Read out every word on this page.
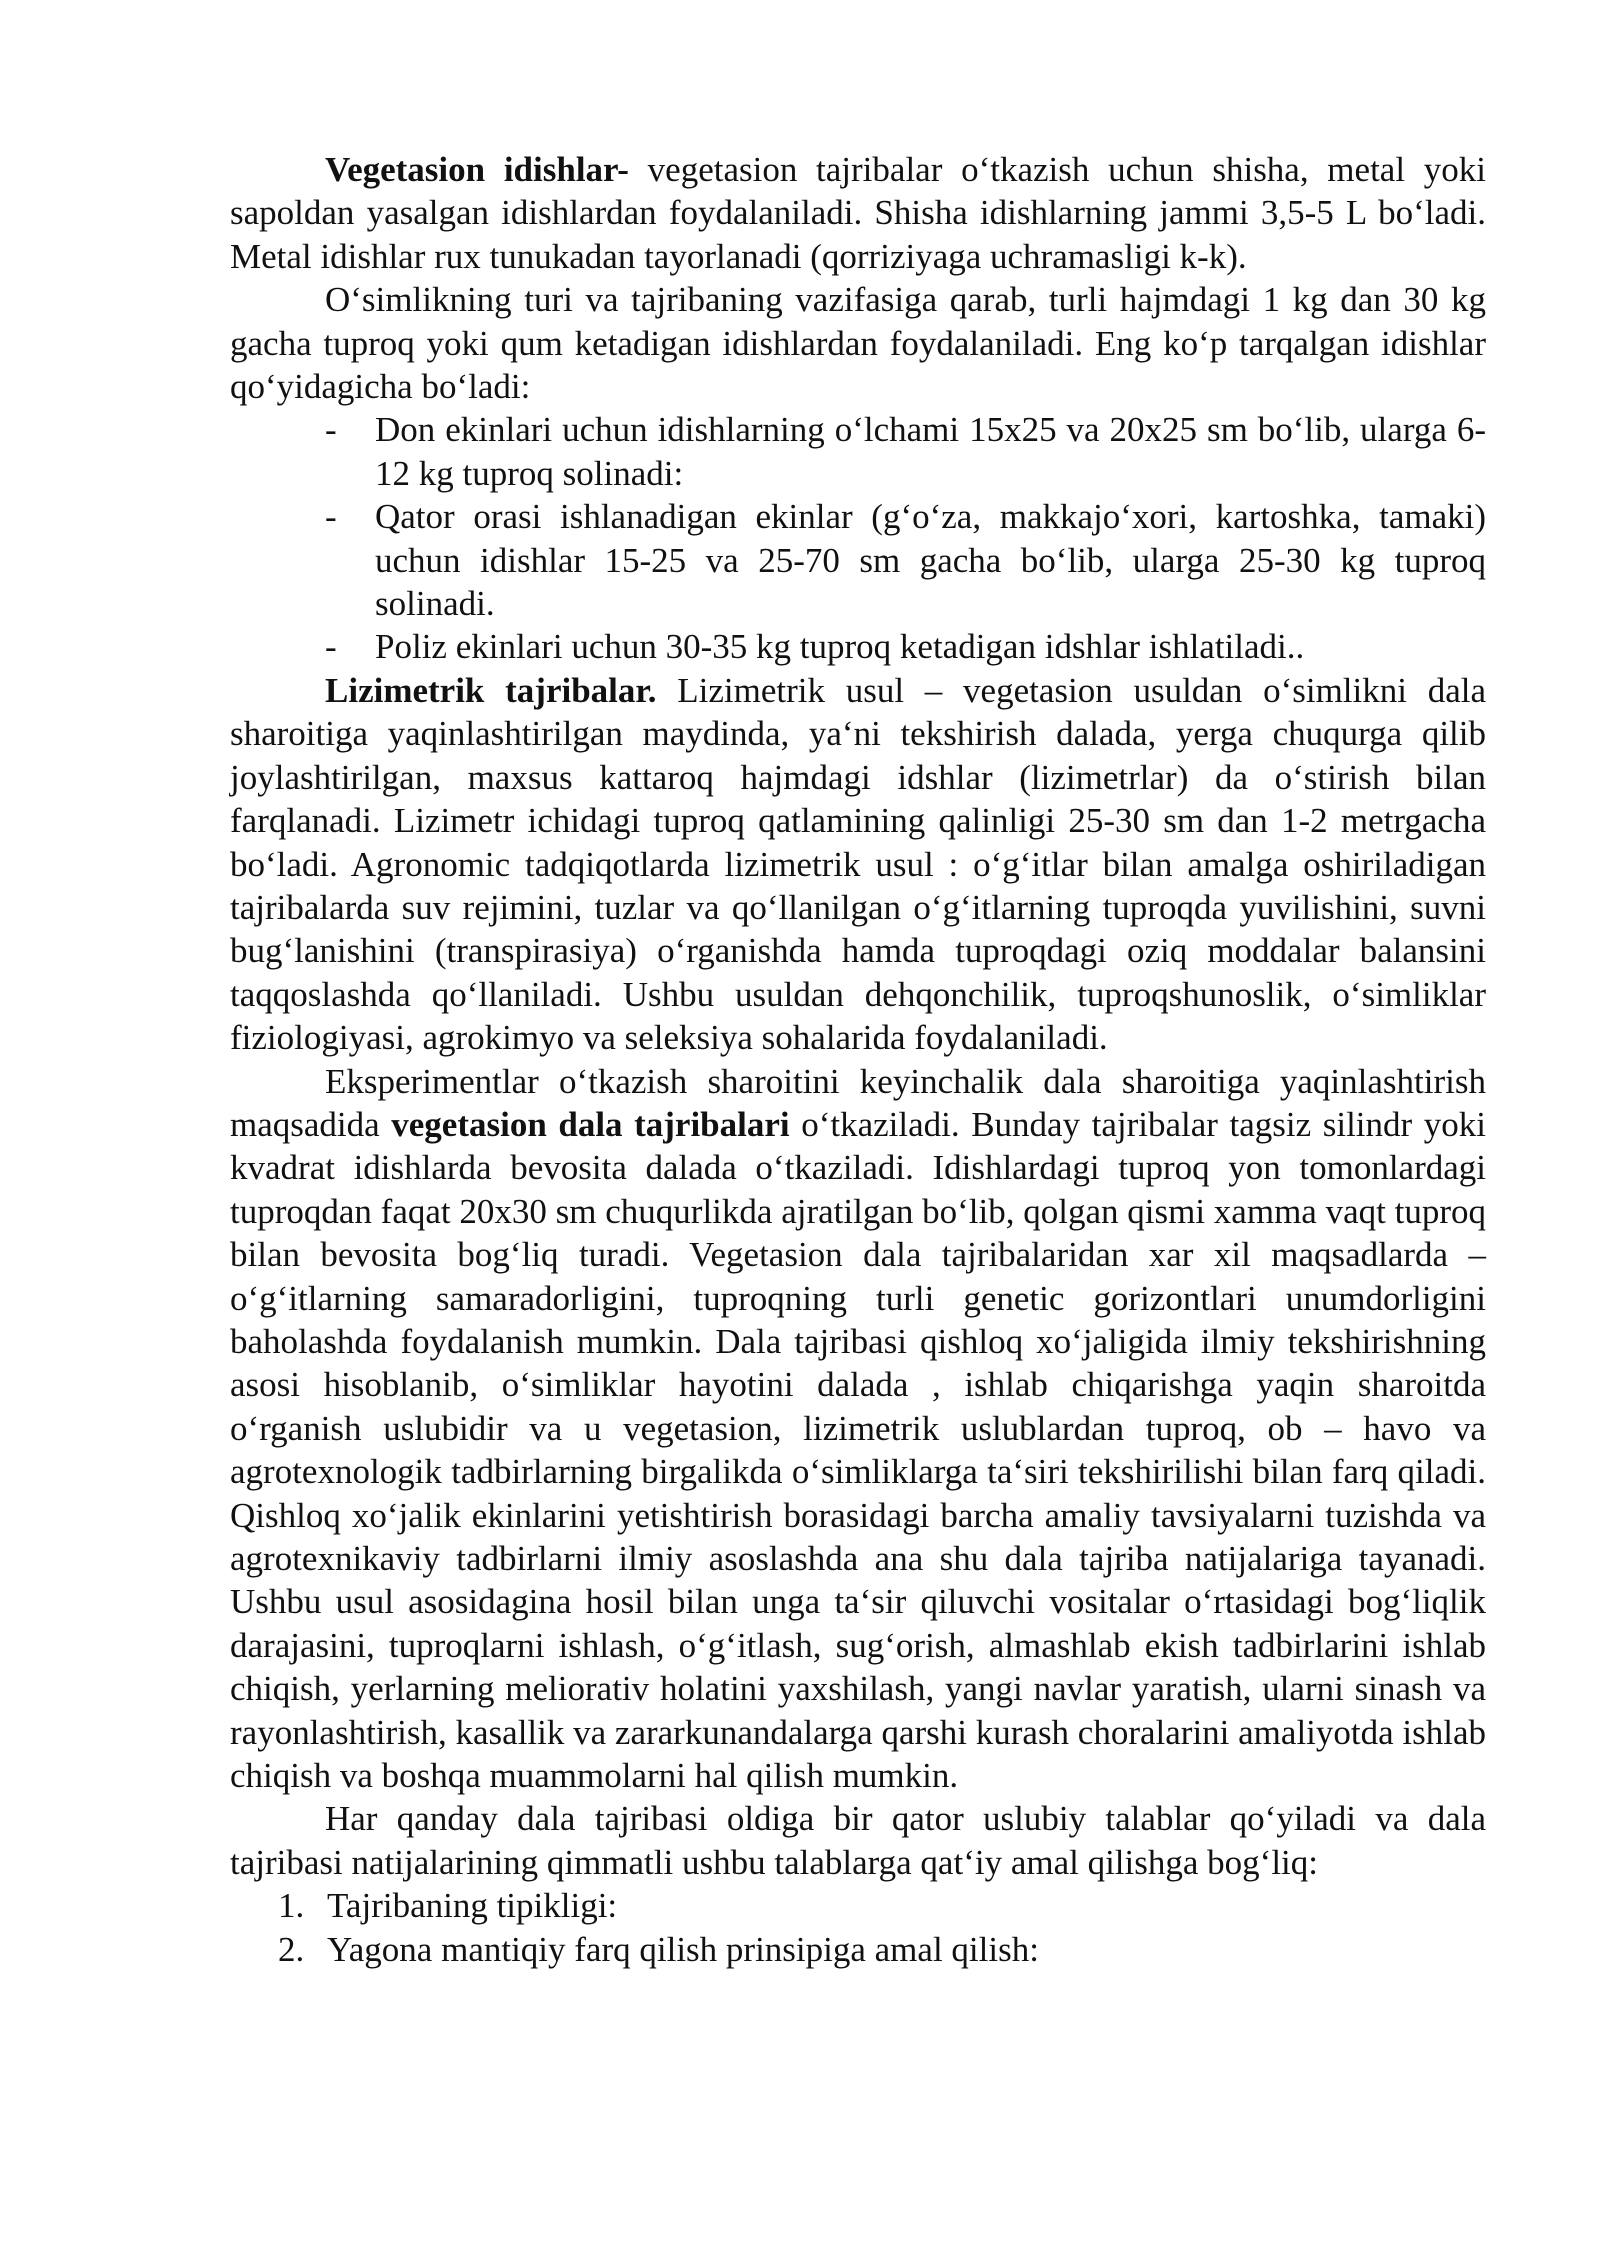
Vegetasion idishlar- vegetasion tajribalar o‘tkazish uchun shisha, metal yoki sapoldan yasalgan idishlardan foydalaniladi. Shisha idishlarning jammi 3,5-5 L bo‘ladi. Metal idishlar rux tunukadan tayorlanadi (qorriziyaga uchramasligi k-k).

O‘simlikning turi va tajribaning vazifasiga qarab, turli hajmdagi 1 kg dan 30 kg gacha tuproq yoki qum ketadigan idishlardan foydalaniladi. Eng ko‘p tarqalgan idishlar qo‘yidagicha bo‘ladi:

- Don ekinlari uchun idishlarning o‘lchami 15x25 va 20x25 sm bo‘lib, ularga 6-12 kg tuproq solinadi:
- Qator orasi ishlanadigan ekinlar (g‘o‘za, makkajo‘xori, kartoshka, tamaki) uchun idishlar 15-25 va 25-70 sm gacha bo‘lib, ularga 25-30 kg tuproq solinadi.
- Poliz ekinlari uchun 30-35 kg tuproq ketadigan idshlar ishlatiladi..

Lizimetrik tajribalar. Lizimetrik usul – vegetasion usuldan o‘simlikni dala sharoitiga yaqinlashtirilgan maydinda, ya‘ni tekshirish dalada, yerga chuqurga qilib joylashtirilgan, maxsus kattaroq hajmdagi idshlar (lizimetrlar) da o‘stirish bilan farqlanadi. Lizimetr ichidagi tuproq qatlamining qalinligi 25-30 sm dan 1-2 metrgacha bo‘ladi. Agronomic tadqiqotlarda lizimetrik usul : o‘g‘itlar bilan amalga oshiriladigan tajribalarda suv rejimini, tuzlar va qo‘llanilgan o‘g‘itlarning tuproqda yuvilishini, suvni bug‘lanishini (transpirasiya) o‘rganishda hamda tuproqdagi oziq moddalar balansini taqqoslashda qo‘llaniladi. Ushbu usuldan dehqonchilik, tuproqshunoslik, o‘simliklar fiziologiyasi, agrokimyo va seleksiya sohalarida foydalaniladi.

Eksperimentlar o‘tkazish sharoitini keyinchalik dala sharoitiga yaqinlashtirish maqsadida vegetasion dala tajribalari o‘tkaziladi. Bunday tajribalar tagsiz silindr yoki kvadrat idishlarda bevosita dalada o‘tkaziladi. Idishlardagi tuproq yon tomonlardagi tuproqdan faqat 20x30 sm chuqurlikda ajratilgan bo‘lib, qolgan qismi xamma vaqt tuproq bilan bevosita bog‘liq turadi. Vegetasion dala tajribalaridan xar xil maqsadlarda – o‘g‘itlarning samaradorligini, tuproqning turli genetic gorizontlari unumdorligini baholashda foydalanish mumkin. Dala tajribasi qishloq xo‘jaligida ilmiy tekshirishning asosi hisoblanib, o‘simliklar hayotini dalada , ishlab chiqarishga yaqin sharoitda o‘rganish uslubidir va u vegetasion, lizimetrik uslublardan tuproq, ob – havo va agrotexnologik tadbirlarning birgalikda o‘simliklarga ta‘siri tekshirilishi bilan farq qiladi. Qishloq xo‘jalik ekinlarini yetishtirish borasidagi barcha amaliy tavsiyalarni tuzishda va agrotexnikaviy tadbirlarni ilmiy asoslashda ana shu dala tajriba natijalariga tayanadi. Ushbu usul asosidagina hosil bilan unga ta‘sir qiluvchi vositalar o‘rtasidagi bog‘liqlik darajasini, tuproqlarni ishlash, o‘g‘itlash, sug‘orish, almashlab ekish tadbirlarini ishlab chiqish, yerlarning meliorativ holatini yaxshilash, yangi navlar yaratish, ularni sinash va rayonlashtirish, kasallik va zararkunandalarga qarshi kurash choralarini amaliyotda ishlab chiqish va boshqa muammolarni hal qilish mumkin.

Har qanday dala tajribasi oldiga bir qator uslubiy talablar qo‘yiladi va dala tajribasi natijalarining qimmatli ushbu talablarga qat‘iy amal qilishga bog‘liq:

1. Tajribaning tipikligi:
2. Yagona mantiqiy farq qilish prinsipiga amal qilish:
